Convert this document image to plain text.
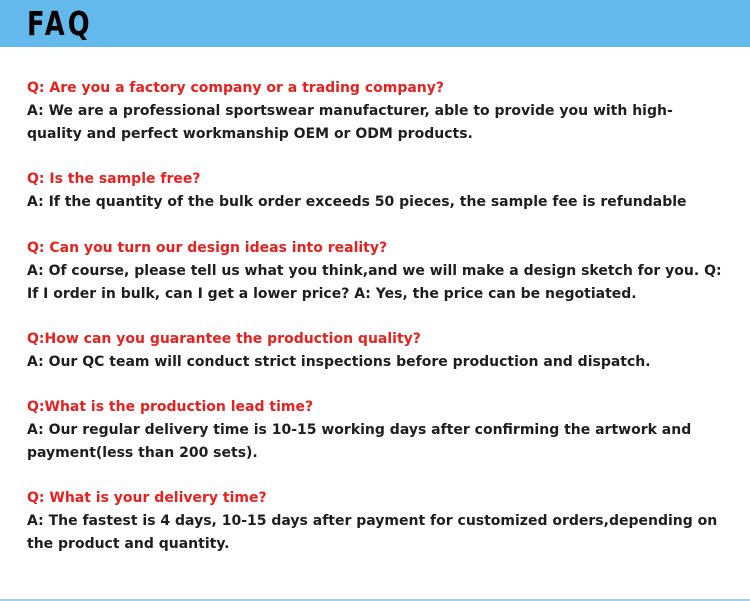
FAQ
Q: Are you a factory company or a trading company?
A: We are a professional sportswear manufacturer, able to provide you with high-quality and perfect workmanship OEM or ODM products.
Q: Is the sample free?
A: If the quantity of the bulk order exceeds 50 pieces, the sample fee is refundable
Q: Can you turn our design ideas into reality?
A: Of course, please tell us what you think,and we will make a design sketch for you. Q: If I order in bulk, can I get a lower price? A: Yes, the price can be negotiated.
Q:How can you guarantee the production quality?
A: Our QC team will conduct strict inspections before production and dispatch.
Q:What is the production lead time?
A: Our regular delivery time is 10-15 working days after confirming the artwork and payment(less than 200 sets).
Q: What is your delivery time?
A: The fastest is 4 days, 10-15 days after payment for customized orders,depending on the product and quantity.
